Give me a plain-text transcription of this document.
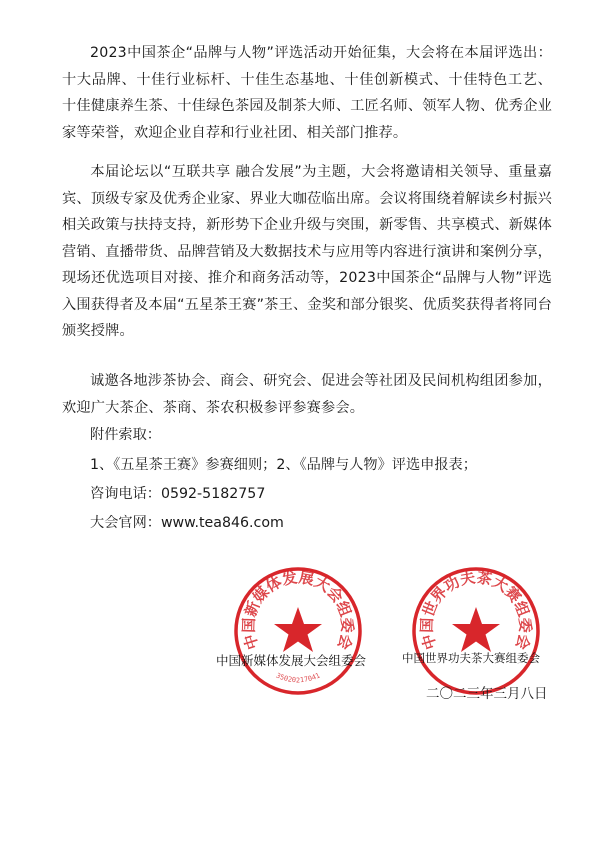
2023中国茶企“品牌与人物”评选活动开始征集，大会将在本届评选出：十大品牌、十佳行业标杆、十佳生态基地、十佳创新模式、十佳特色工艺、 十佳健康养生茶、十佳绿色茶园及制茶大师、工匠名师、领军人物、优秀企业家等荣誉，欢迎企业自荐和行业社团、相关部门推荐。
本届论坛以“互联共享 融合发展”为主题，大会将邀请相关领导、重量嘉宾、顶级专家及优秀企业家、界业大咖莅临出席。会议将围绕着解读乡村振兴相关政策与扶持支持，新形势下企业升级与突围，新零售、共享模式、新媒体营销、直播带货、品牌营销及大数据技术与应用等内容进行演讲和案例分享，现场还优选项目对接、推介和商务活动等，2023中国茶企“品牌与人物”评选入围获得者及本届“五星茶王赛”茶王、金奖和部分银奖、优质奖获得者将同台颁奖授牌。
诚邀各地涉茶协会、商会、研究会、促进会等社团及民间机构组团参加，欢迎广大茶企、茶商、茶农积极参评参赛参会。
附件索取：
1、《五星茶王赛》参赛细则；2、《品牌与人物》评选申报表；
咨询电话：0592-5182757
大会官网：www.tea846.com
中国新媒体发展大会组委会
35020217041
中国世界功夫茶大赛组委会
中国新媒体发展大会组委会	中国世界功夫茶大赛组委会
二〇二三年三月八日
